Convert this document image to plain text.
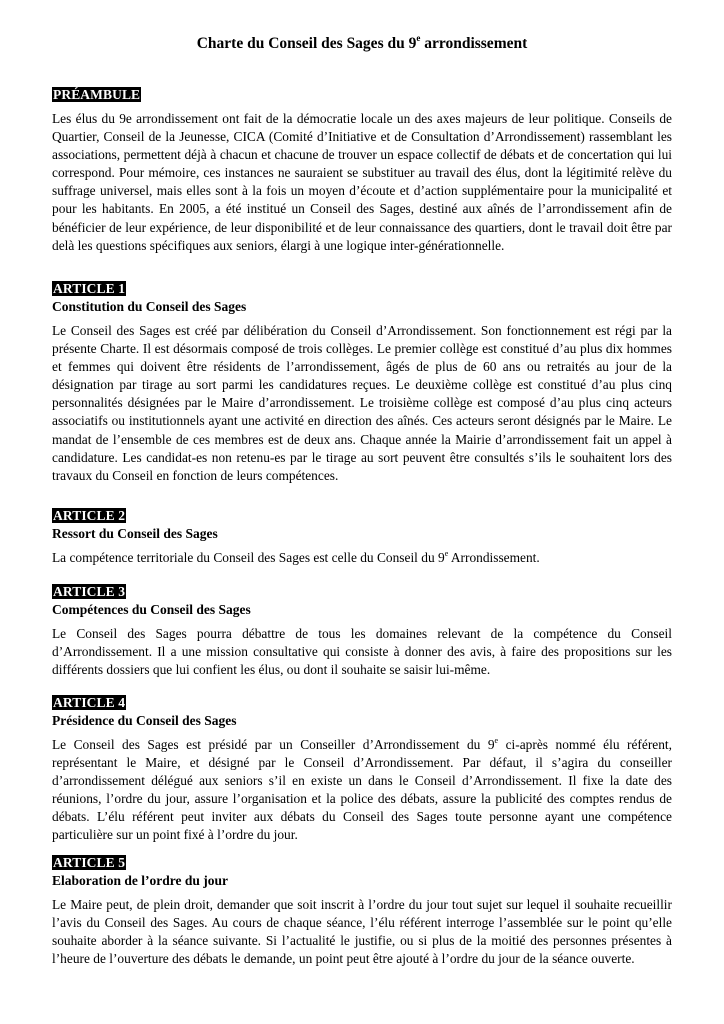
Charte du Conseil des Sages du 9e arrondissement
PRÉAMBULE

Les élus du 9e arrondissement ont fait de la démocratie locale un des axes majeurs de leur politique. Conseils de Quartier, Conseil de la Jeunesse, CICA (Comité d’Initiative et de Consultation d’Arrondissement) rassemblant les associations, permettent déjà à chacun et chacune de trouver un espace collectif de débats et de concertation qui lui correspond. Pour mémoire, ces instances ne sauraient se substituer au travail des élus, dont la légitimité relève du suffrage universel, mais elles sont à la fois un moyen d’écoute et d’action supplémentaire pour la municipalité et pour les habitants. En 2005, a été institué un Conseil des Sages, destiné aux aînés de l’arrondissement afin de bénéficier de leur expérience, de leur disponibilité et de leur connaissance des quartiers, dont le travail doit être par delà les questions spécifiques aux seniors, élargi à une logique inter-générationnelle.

ARTICLE 1

Constitution du Conseil des Sages

Le Conseil des Sages est créé par délibération du Conseil d’Arrondissement. Son fonctionnement est régi par la présente Charte. Il est désormais composé de trois collèges. Le premier collège est constitué d’au plus dix hommes et femmes qui doivent être résidents de l’arrondissement, âgés de plus de 60 ans ou retraités au jour de la désignation par tirage au sort parmi les candidatures reçues. Le deuxième collège est constitué d’au plus cinq personnalités désignées par le Maire d’arrondissement. Le troisième collège est composé d’au plus cinq acteurs associatifs ou institutionnels ayant une activité en direction des aînés. Ces acteurs seront désignés par le Maire. Le mandat de l’ensemble de ces membres est de deux ans. Chaque année la Mairie d’arrondissement fait un appel à candidature. Les candidat-es non retenu-es par le tirage au sort peuvent être consultés s’ils le souhaitent lors des travaux du Conseil en fonction de leurs compétences.

ARTICLE 2

Ressort du Conseil des Sages

La compétence territoriale du Conseil des Sages est celle du Conseil du 9e Arrondissement.

ARTICLE 3

Compétences du Conseil des Sages

Le Conseil des Sages pourra débattre de tous les domaines relevant de la compétence du Conseil d’Arrondissement. Il a une mission consultative qui consiste à donner des avis, à faire des propositions sur les différents dossiers que lui confient les élus, ou dont il souhaite se saisir lui-même.

ARTICLE 4

Présidence du Conseil des Sages

Le Conseil des Sages est présidé par un Conseiller d’Arrondissement du 9e ci-après nommé élu référent, représentant le Maire, et désigné par le Conseil d’Arrondissement. Par défaut, il s’agira du conseiller d’arrondissement délégué aux seniors s’il en existe un dans le Conseil d’Arrondissement. Il fixe la date des réunions, l’ordre du jour, assure l’organisation et la police des débats, assure la publicité des comptes rendus de débats. L’élu référent peut inviter aux débats du Conseil des Sages toute personne ayant une compétence particulière sur un point fixé à l’ordre du jour.

ARTICLE 5

Elaboration de l’ordre du jour

Le Maire peut, de plein droit, demander que soit inscrit à l’ordre du jour tout sujet sur lequel il souhaite recueillir l’avis du Conseil des Sages. Au cours de chaque séance, l’élu référent interroge l’assemblée sur le point qu’elle souhaite aborder à la séance suivante. Si l’actualité le justifie, ou si plus de la moitié des personnes présentes à l’heure de l’ouverture des débats le demande, un point peut être ajouté à l’ordre du jour de la séance ouverte.
